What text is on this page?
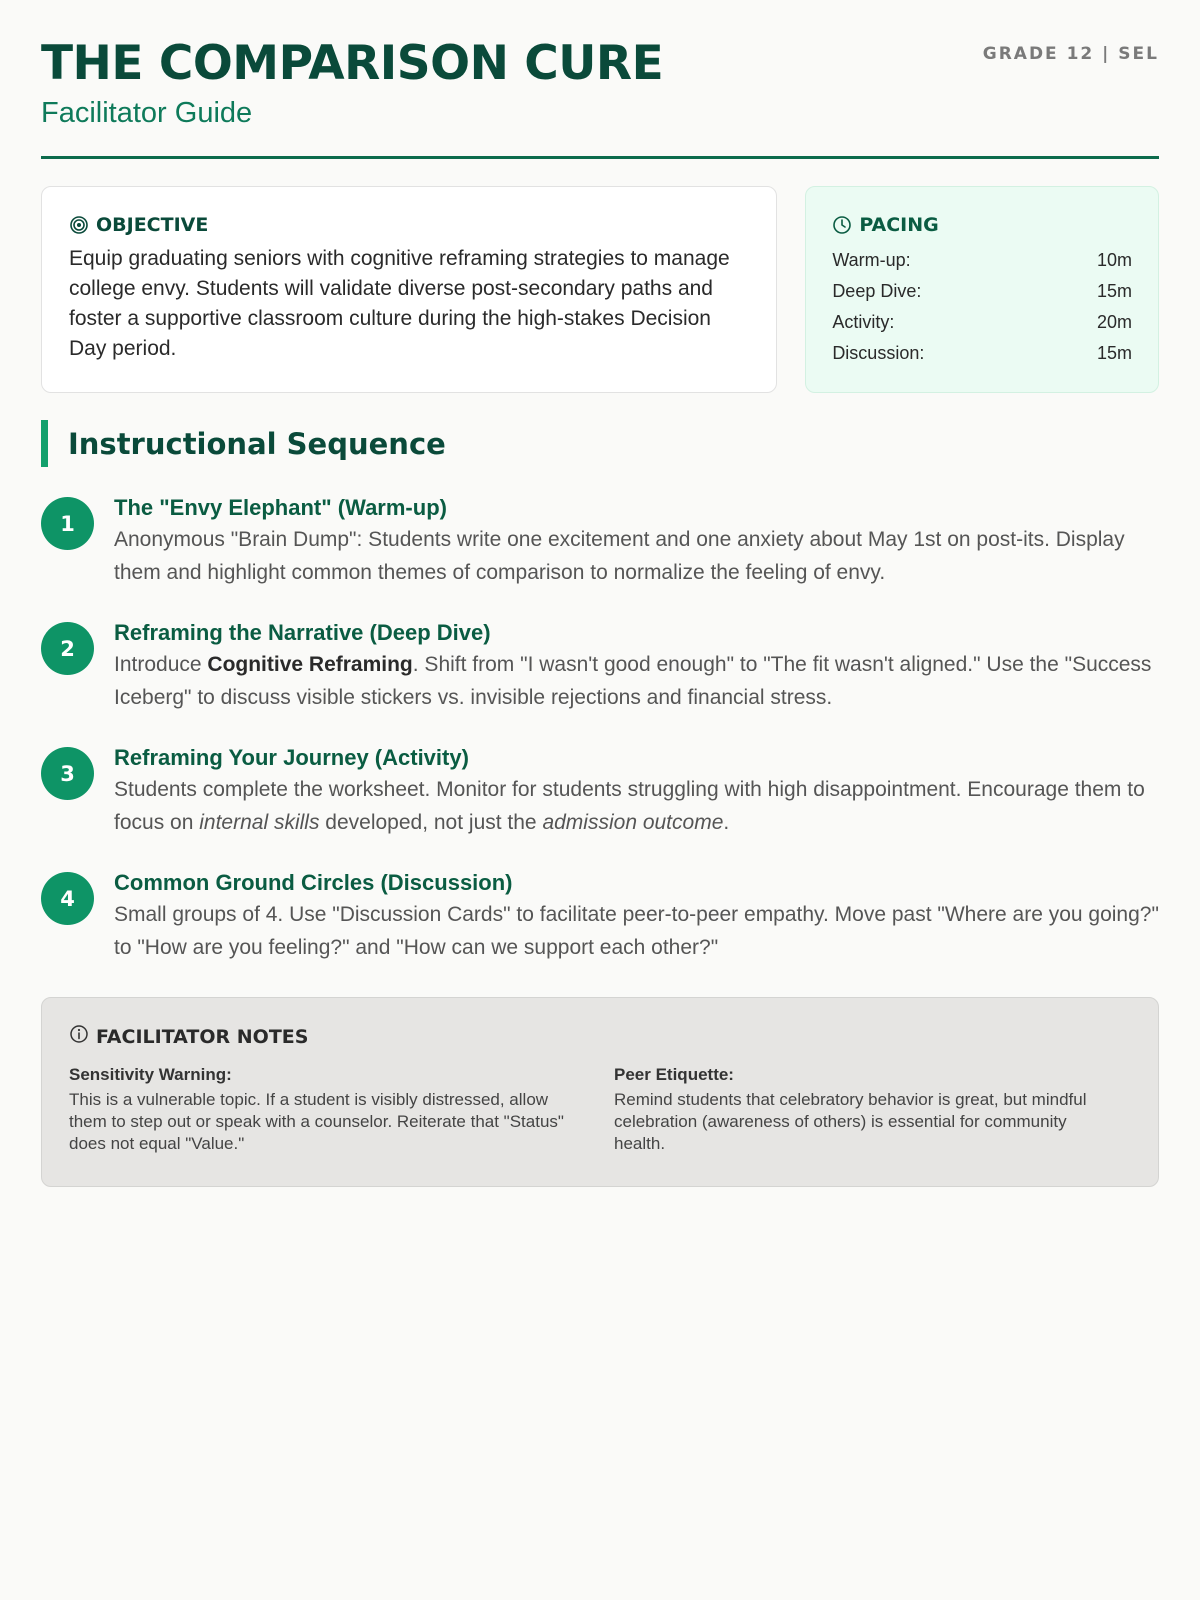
THE COMPARISON CURE
Facilitator Guide
GRADE 12 | SEL
OBJECTIVE
Equip graduating seniors with cognitive reframing strategies to manage college envy. Students will validate diverse post-secondary paths and foster a supportive classroom culture during the high-stakes Decision Day period.
PACING
Warm-up:	10m
Deep Dive:	15m
Activity:	20m
Discussion:	15m
Instructional Sequence
1
The "Envy Elephant" (Warm-up)
Anonymous "Brain Dump": Students write one excitement and one anxiety about May 1st on post-its. Display them and highlight common themes of comparison to normalize the feeling of envy.
2
Reframing the Narrative (Deep Dive)
Introduce Cognitive Reframing. Shift from "I wasn't good enough" to "The fit wasn't aligned." Use the "Success Iceberg" to discuss visible stickers vs. invisible rejections and financial stress.
3
Reframing Your Journey (Activity)
Students complete the worksheet. Monitor for students struggling with high disappointment. Encourage them to focus on internal skills developed, not just the admission outcome.
4
Common Ground Circles (Discussion)
Small groups of 4. Use "Discussion Cards" to facilitate peer-to-peer empathy. Move past "Where are you going?" to "How are you feeling?" and "How can we support each other?"
FACILITATOR NOTES
Sensitivity Warning:
This is a vulnerable topic. If a student is visibly distressed, allow them to step out or speak with a counselor. Reiterate that "Status" does not equal "Value."
Peer Etiquette:
Remind students that celebratory behavior is great, but mindful celebration (awareness of others) is essential for community health.
